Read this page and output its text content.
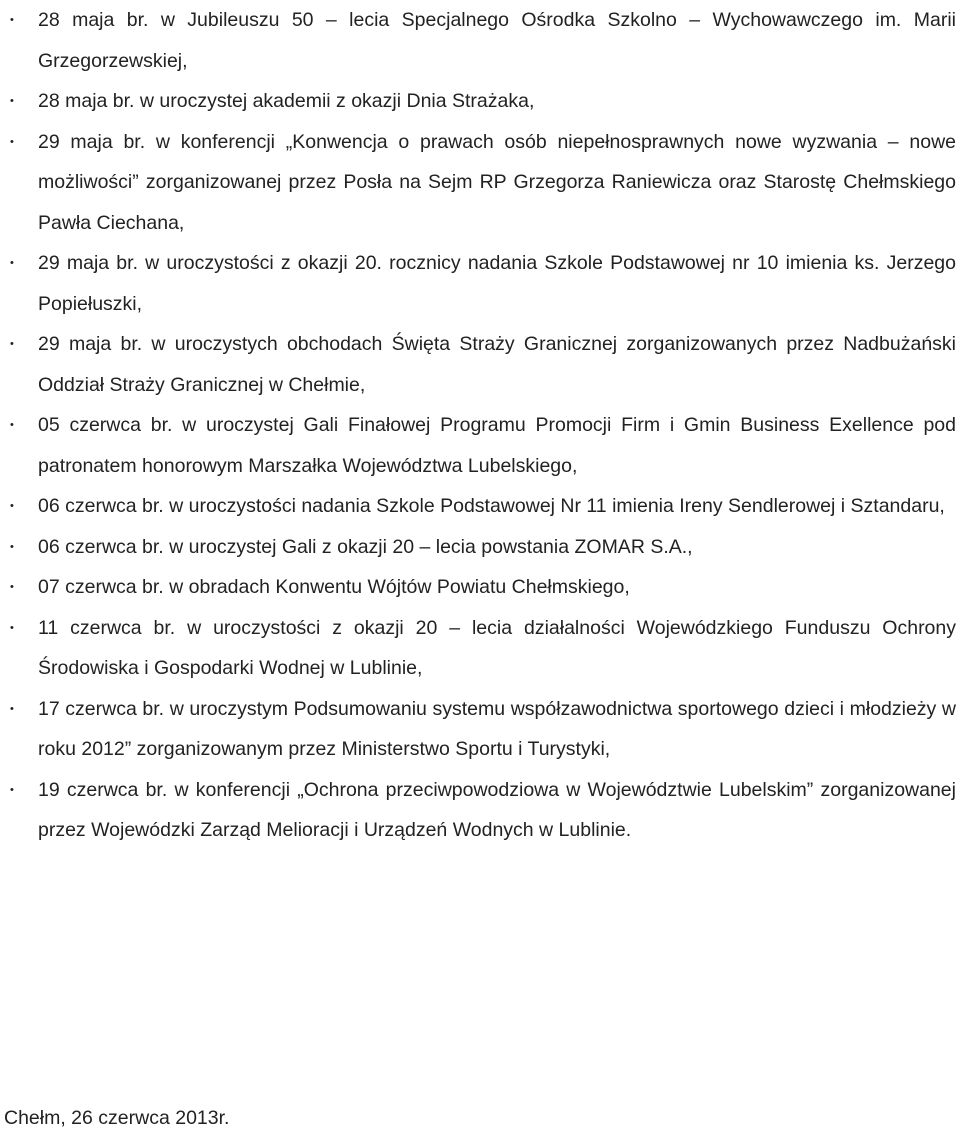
• 28 maja br. w Jubileuszu 50 – lecia Specjalnego Ośrodka Szkolno – Wychowawczego im. Marii Grzegorzewskiej,
• 28 maja br. w uroczystej akademii z okazji Dnia Strażaka,
• 29 maja br. w konferencji „Konwencja o prawach osób niepełnosprawnych nowe wyzwania – nowe możliwości” zorganizowanej przez Posła na Sejm RP Grzegorza Raniewicza oraz Starostę Chełmskiego Pawła Ciechana,
• 29 maja br. w uroczystości z okazji 20. rocznicy nadania Szkole Podstawowej nr 10 imienia ks. Jerzego Popiełuszki,
• 29 maja br. w uroczystych obchodach Święta Straży Granicznej zorganizowanych przez Nadbużański Oddział Straży Granicznej w Chełmie,
• 05 czerwca br. w uroczystej Gali Finałowej Programu Promocji Firm i Gmin Business Exellence pod patronatem honorowym Marszałka Województwa Lubelskiego,
• 06 czerwca br. w uroczystości nadania Szkole Podstawowej Nr 11 imienia Ireny Sendlerowej i Sztandaru,
• 06 czerwca br. w uroczystej Gali z okazji 20 – lecia powstania ZOMAR S.A.,
• 07 czerwca br. w obradach Konwentu Wójtów Powiatu Chełmskiego,
• 11 czerwca br. w uroczystości z okazji 20 – lecia działalności Wojewódzkiego Funduszu Ochrony Środowiska i Gospodarki Wodnej w Lublinie,
• 17 czerwca br. w uroczystym Podsumowaniu systemu współzawodnictwa sportowego dzieci i młodzieży w roku 2012” zorganizowanym przez Ministerstwo Sportu i Turystyki,
• 19 czerwca br. w konferencji „Ochrona przeciwpowodziowa w Województwie Lubelskim” zorganizowanej przez Wojewódzki Zarząd Melioracji i Urządzeń Wodnych w Lublinie.
Chełm, 26 czerwca 2013r.
